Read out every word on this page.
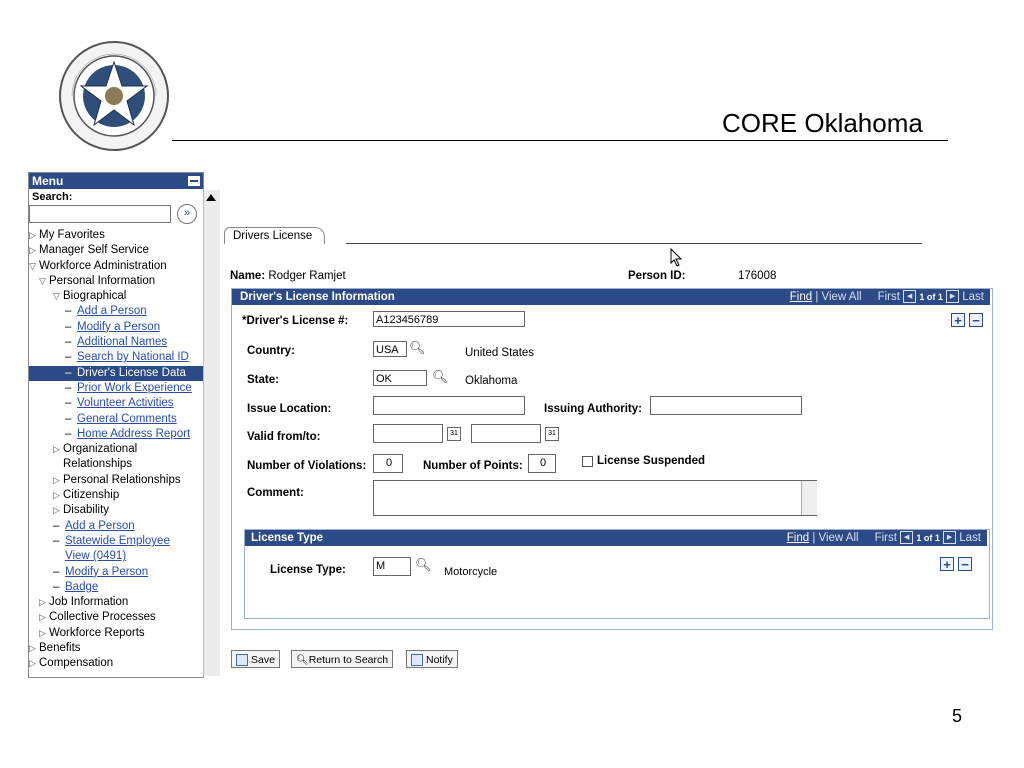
CORE Oklahoma
Menu
Search:
»
▷ My Favorites
▷ Manager Self Service
▽ Workforce Administration
▽ Personal Information
▽ Biographical
– Add a Person
– Modify a Person
– Additional Names
– Search by National ID
– Driver's License Data
– Prior Work Experience
– Volunteer Activities
– General Comments
– Home Address Report
▷ Organizational
Relationships
▷ Personal Relationships
▷ Citizenship
▷ Disability
– Add a Person
– Statewide Employee
View (0491)
– Modify a Person
– Badge
▷ Job Information
▷ Collective Processes
▷ Workforce Reports
▷ Benefits
▷ Compensation
Drivers License
Name: Rodger Ramjet	Person ID:	176008
Driver's License Information	Find | View All First ◀ 1 of 1 ▶ Last
+ −
*Driver's License #:	A123456789
Country:	USA 🔍︎	United States
State:	OK	🔍︎ Oklahoma
Issue Location:	Issuing Authority:
Valid from/to:	31	31
Number of Violations:	0	Number of Points:	0	License Suspended
Comment:
License Type	Find | View All First ◀ 1 of 1 ▶ Last
+ −
License Type:	M	🔍︎ Motorcycle
Save	🔍︎Return to Search	Notify
5
